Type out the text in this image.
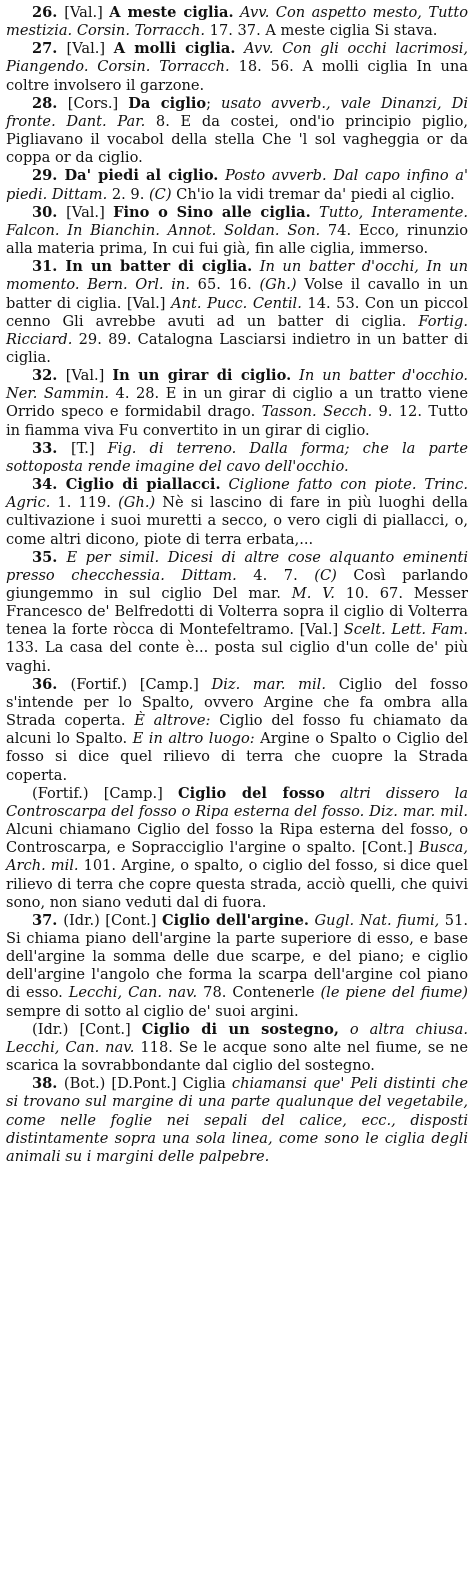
26. [Val.] A meste ciglia. Avv. Con aspetto mesto, Tutto mestizia. Corsin. Torracch. 17. 37. A meste ciglia Si stava.

27. [Val.] A molli ciglia. Avv. Con gli occhi lacrimosi, Piangendo. Corsin. Torracch. 18. 56. A molli ciglia In una coltre involsero il garzone.

28. [Cors.] Da ciglio; usato avverb., vale Dinanzi, Di fronte. Dant. Par. 8. E da costei, ond'io principio piglio, Pigliavano il vocabol della stella Che 'l sol vagheggia or da coppa or da ciglio.

29. Da' piedi al ciglio. Posto avverb. Dal capo infino a' piedi. Dittam. 2. 9. (C) Ch'io la vidi tremar da' piedi al ciglio.

30. [Val.] Fino o Sino alle ciglia. Tutto, Interamente. Falcon. In Bianchin. Annot. Soldan. Son. 74. Ecco, rinunzio alla materia prima, In cui fui già, fin alle ciglia, immerso.

31. In un batter di ciglia. In un batter d'occhi, In un momento. Bern. Orl. in. 65. 16. (Gh.) Volse il cavallo in un batter di ciglia. [Val.] Ant. Pucc. Centil. 14. 53. Con un piccol cenno Gli avrebbe avuti ad un batter di ciglia. Fortig. Ricciard. 29. 89. Catalogna Lasciarsi indietro in un batter di ciglia.

32. [Val.] In un girar di ciglio. In un batter d'occhio. Ner. Sammin. 4. 28. E in un girar di ciglio a un tratto viene Orrido speco e formidabil drago. Tasson. Secch. 9. 12. Tutto in fiamma viva Fu convertito in un girar di ciglio.

33. [T.] Fig. di terreno. Dalla forma; che la parte sottoposta rende imagine del cavo dell'occhio.

34. Ciglio di piallacci. Ciglione fatto con piote. Trinc. Agric. 1. 119. (Gh.) Nè si lascino di fare in più luoghi della cultivazione i suoi muretti a secco, o vero cigli di piallacci, o, come altri dicono, piote di terra erbata,...

35. E per simil. Dicesi di altre cose alquanto eminenti presso checchessia. Dittam. 4. 7. (C) Così parlando giungemmo in sul ciglio Del mar. M. V. 10. 67. Messer Francesco de' Belfredotti di Volterra sopra il ciglio di Volterra tenea la forte ròcca di Montefeltramo. [Val.] Scelt. Lett. Fam. 133. La casa del conte è... posta sul ciglio d'un colle de' più vaghi.

36. (Fortif.) [Camp.] Diz. mar. mil. Ciglio del fosso s'intende per lo Spalto, ovvero Argine che fa ombra alla Strada coperta. È altrove: Ciglio del fosso fu chiamato da alcuni lo Spalto. E in altro luogo: Argine o Spalto o Ciglio del fosso si dice quel rilievo di terra che cuopre la Strada coperta.

(Fortif.) [Camp.] Ciglio del fosso altri dissero la Controscarpa del fosso o Ripa esterna del fosso. Diz. mar. mil. Alcuni chiamano Ciglio del fosso la Ripa esterna del fosso, o Controscarpa, e Sopracciglio l'argine o spalto. [Cont.] Busca, Arch. mil. 101. Argine, o spalto, o ciglio del fosso, si dice quel rilievo di terra che copre questa strada, acciò quelli, che quivi sono, non siano veduti dal di fuora.

37. (Idr.) [Cont.] Ciglio dell'argine. Gugl. Nat. fiumi, 51. Si chiama piano dell'argine la parte superiore di esso, e base dell'argine la somma delle due scarpe, e del piano; e ciglio dell'argine l'angolo che forma la scarpa dell'argine col piano di esso. Lecchi, Can. nav. 78. Contenerle (le piene del fiume) sempre di sotto al ciglio de' suoi argini.

(Idr.) [Cont.] Ciglio di un sostegno, o altra chiusa. Lecchi, Can. nav. 118. Se le acque sono alte nel fiume, se ne scarica la sovrabbondante dal ciglio del sostegno.

38. (Bot.) [D.Pont.] Ciglia chiamansi que' Peli distinti che si trovano sul margine di una parte qualunque del vegetabile, come nelle foglie nei sepali del calice, ecc., disposti distintamente sopra una sola linea, come sono le ciglia degli animali su i margini delle palpebre.
